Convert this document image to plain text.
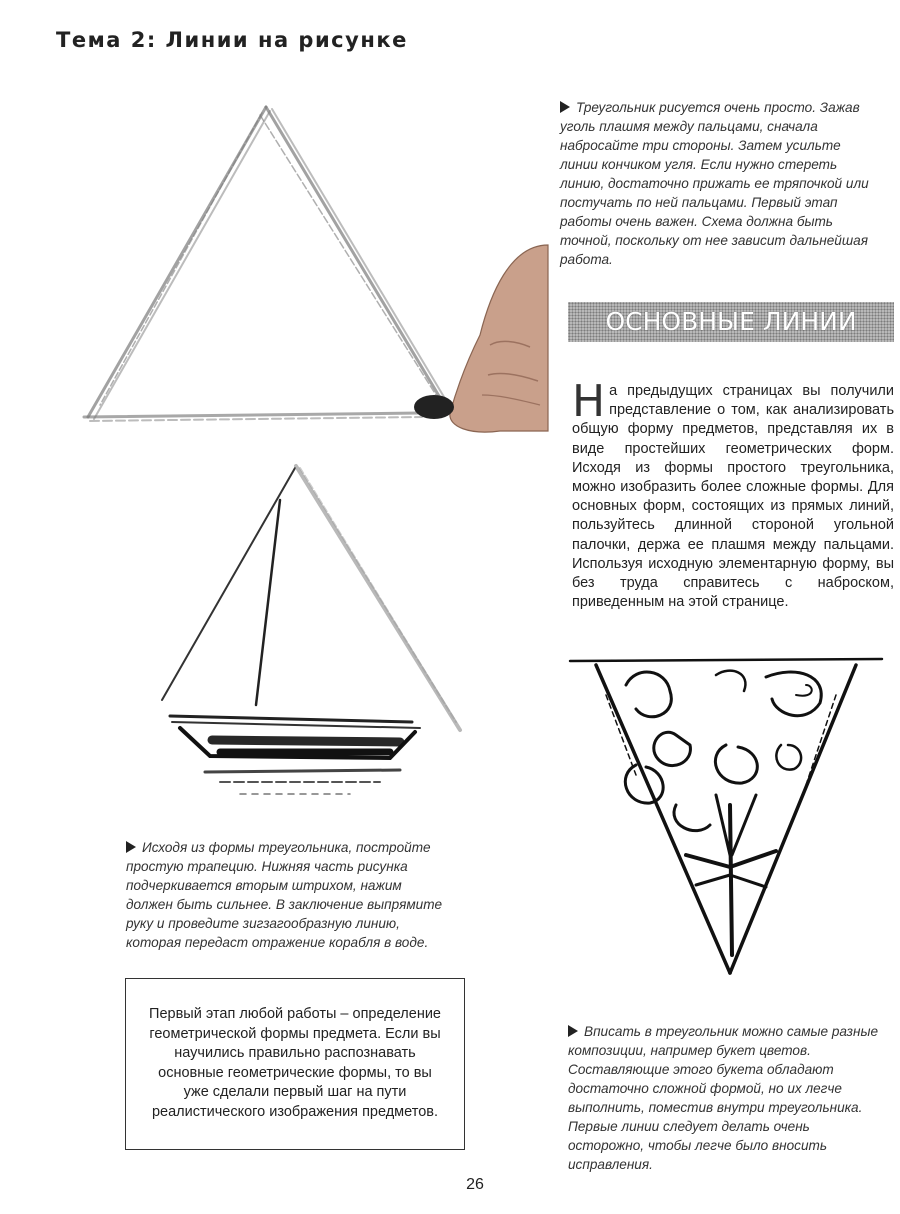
Тема 2: Линии на рисунке
Треугольник рисуется очень просто. Зажав уголь плашмя между пальцами, сначала набросайте три стороны. Затем усильте линии кончиком угля. Если нужно стереть линию, достаточно прижать ее тряпочкой или постучать по ней пальцами. Первый этап работы очень важен. Схема должна быть точной, поскольку от нее зависит дальнейшая работа.
Исходя из формы треугольника, постройте простую трапецию. Нижняя часть рисунка подчеркивается вторым штрихом, нажим должен быть сильнее. В заключение выпрямите руку и проведите зигзагообразную линию, которая передаст отражение корабля в воде.
Вписать в треугольник можно самые разные композиции, например букет цветов. Составляющие этого букета обладают достаточно сложной формой, но их легче выполнить, поместив внутри треугольника. Первые линии следует делать очень осторожно, чтобы легче было вносить исправления.
ОСНОВНЫЕ ЛИНИИ
На предыдущих страницах вы получили представление о том, как анализировать общую форму предметов, представляя их в виде простейших геометрических форм. Исходя из формы простого треугольника, можно изобразить более сложные формы. Для основных форм, состоящих из прямых линий, пользуйтесь длинной стороной угольной палочки, держа ее плашмя между пальцами. Используя исходную элементарную форму, вы без труда справитесь с наброском, приведенным на этой странице.
Первый этап любой работы – определение геометрической формы предмета. Если вы научились правильно распознавать основные геометрические формы, то вы уже сделали первый шаг на пути реалистического изображения предметов.
26
